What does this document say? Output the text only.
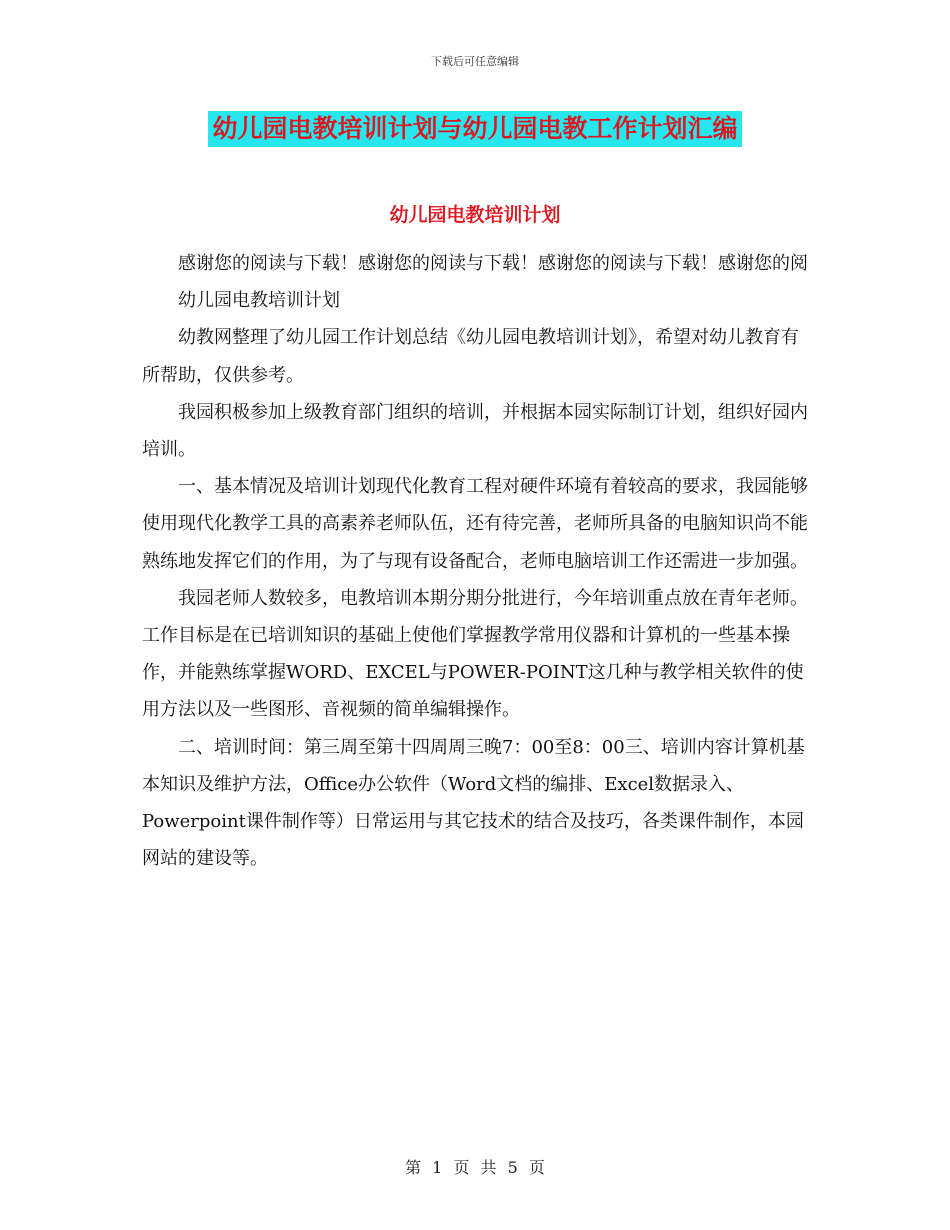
下载后可任意编辑
幼儿园电教培训计划与幼儿园电教工作计划汇编
幼儿园电教培训计划

感谢您的阅读与下载！感谢您的阅读与下载！感谢您的阅读与下载！感谢您的阅

幼儿园电教培训计划

幼教网整理了幼儿园工作计划总结《幼儿园电教培训计划》，希望对幼儿教育有所帮助，仅供参考。

我园积极参加上级教育部门组织的培训，并根据本园实际制订计划，组织好园内培训。

一、基本情况及培训计划现代化教育工程对硬件环境有着较高的要求，我园能够使用现代化教学工具的高素养老师队伍，还有待完善，老师所具备的电脑知识尚不能熟练地发挥它们的作用，为了与现有设备配合，老师电脑培训工作还需进一步加强。

我园老师人数较多，电教培训本期分期分批进行，今年培训重点放在青年老师。工作目标是在已培训知识的基础上使他们掌握教学常用仪器和计算机的一些基本操作，并能熟练掌握WORD、EXCEL与POWER-POINT这几种与教学相关软件的使用方法以及一些图形、音视频的简单编辑操作。

二、培训时间：第三周至第十四周周三晚7：00至8：00三、培训内容计算机基本知识及维护方法，Office办公软件（Word文档的编排、Excel数据录入、Powerpoint课件制作等）日常运用与其它技术的结合及技巧，各类课件制作，本园网站的建设等。

第 1 页 共 5 页
